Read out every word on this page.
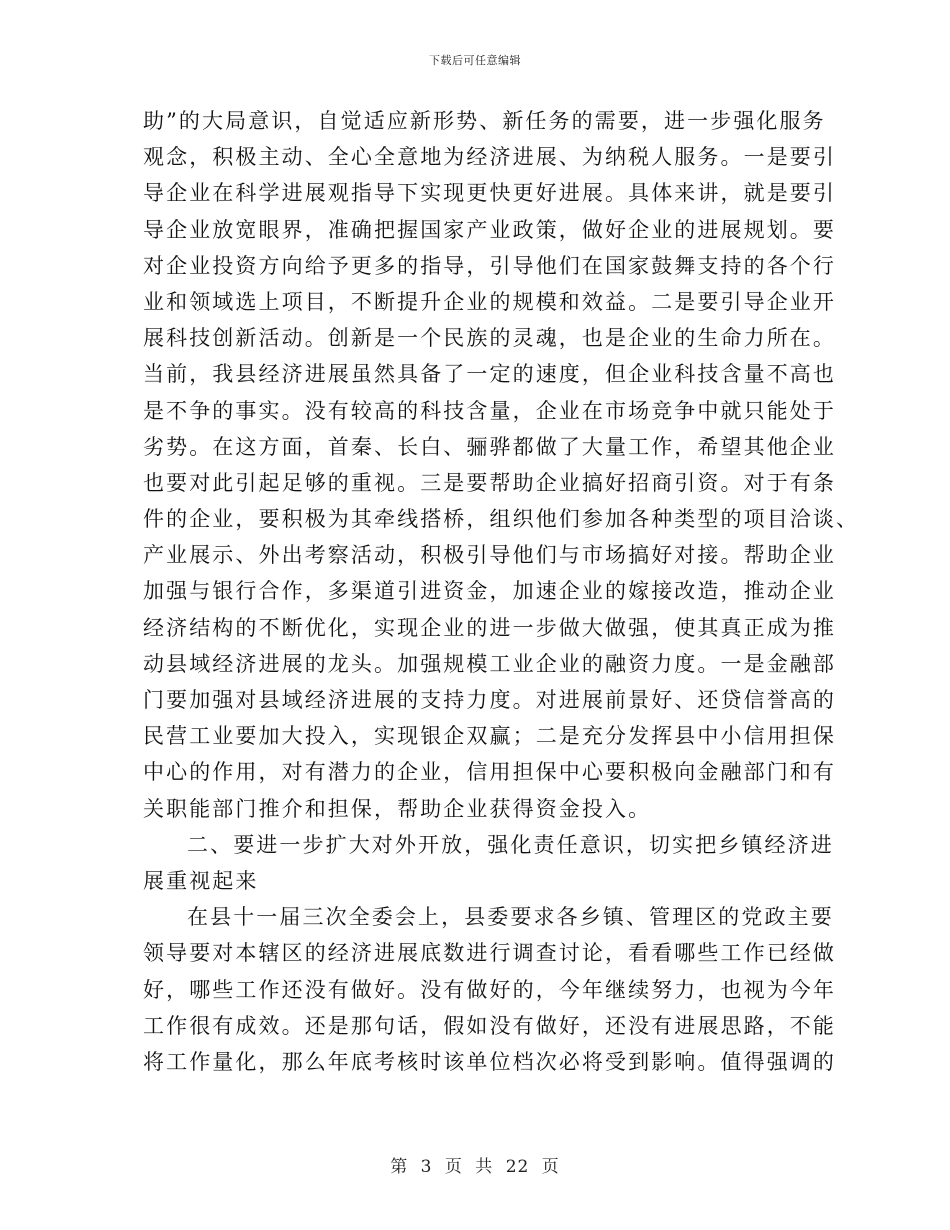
下载后可任意编辑
助”的大局意识，自觉适应新形势、新任务的需要，进一步强化服务
观念，积极主动、全心全意地为经济进展、为纳税人服务。一是要引
导企业在科学进展观指导下实现更快更好进展。具体来讲，就是要引
导企业放宽眼界，准确把握国家产业政策，做好企业的进展规划。要
对企业投资方向给予更多的指导，引导他们在国家鼓舞支持的各个行
业和领域选上项目，不断提升企业的规模和效益。二是要引导企业开
展科技创新活动。创新是一个民族的灵魂，也是企业的生命力所在。
当前，我县经济进展虽然具备了一定的速度，但企业科技含量不高也
是不争的事实。没有较高的科技含量，企业在市场竞争中就只能处于
劣势。在这方面，首秦、长白、骊骅都做了大量工作，希望其他企业
也要对此引起足够的重视。三是要帮助企业搞好招商引资。对于有条
件的企业，要积极为其牵线搭桥，组织他们参加各种类型的项目洽谈、
产业展示、外出考察活动，积极引导他们与市场搞好对接。帮助企业
加强与银行合作，多渠道引进资金，加速企业的嫁接改造，推动企业
经济结构的不断优化，实现企业的进一步做大做强，使其真正成为推
动县域经济进展的龙头。加强规模工业企业的融资力度。一是金融部
门要加强对县域经济进展的支持力度。对进展前景好、还贷信誉高的
民营工业要加大投入，实现银企双赢；二是充分发挥县中小信用担保
中心的作用，对有潜力的企业，信用担保中心要积极向金融部门和有
关职能部门推介和担保，帮助企业获得资金投入。
二、要进一步扩大对外开放，强化责任意识，切实把乡镇经济进
展重视起来
在县十一届三次全委会上，县委要求各乡镇、管理区的党政主要
领导要对本辖区的经济进展底数进行调查讨论，看看哪些工作已经做
好，哪些工作还没有做好。没有做好的，今年继续努力，也视为今年
工作很有成效。还是那句话，假如没有做好，还没有进展思路，不能
将工作量化，那么年底考核时该单位档次必将受到影响。值得强调的
第 3 页 共 22 页
